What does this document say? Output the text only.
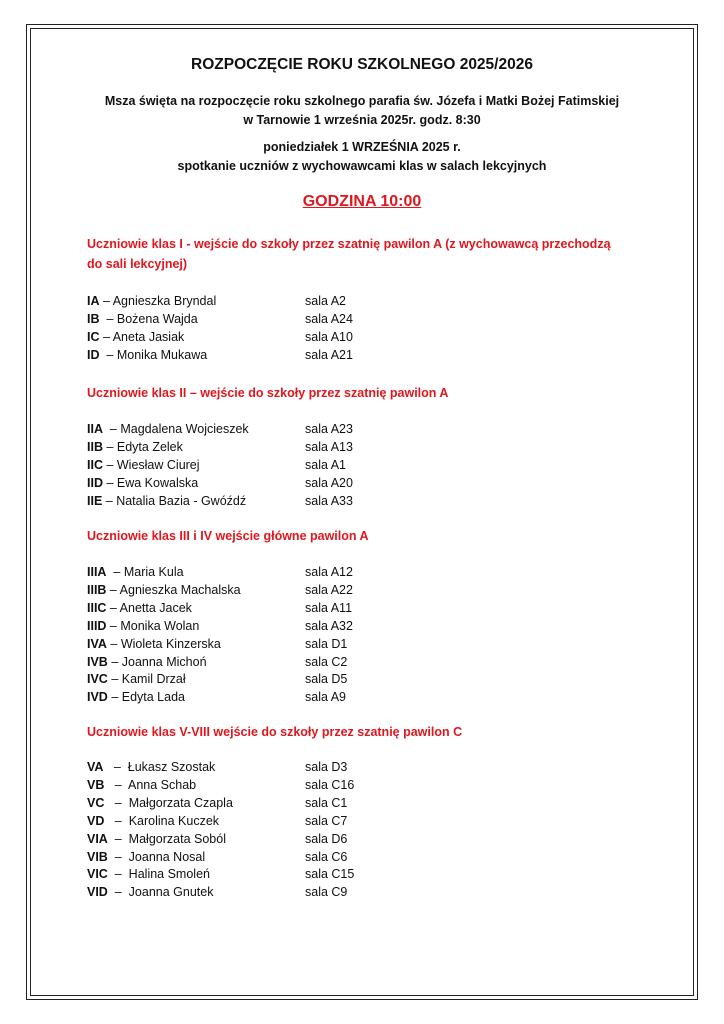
ROZPOCZĘCIE ROKU SZKOLNEGO 2025/2026
Msza święta na rozpoczęcie roku szkolnego parafia św. Józefa i Matki Bożej Fatimskiej
w Tarnowie 1 września 2025r. godz. 8:30
poniedziałek 1 WRZEŚNIA 2025 r.
spotkanie uczniów z wychowawcami klas w salach lekcyjnych
GODZINA 10:00
Uczniowie klas I - wejście do szkoły przez szatnię pawilon A (z wychowawcą przechodzą
do sali lekcyjnej)
IA – Agnieszka Bryndal	sala A2
IB  – Bożena Wajda	sala A24
IC – Aneta Jasiak	sala A10
ID  – Monika Mukawa	sala A21
Uczniowie klas II – wejście do szkoły przez szatnię pawilon A
IIA  – Magdalena Wojcieszek	sala A23
IIB – Edyta Zelek	sala A13
IIC – Wiesław Ciurej	sala A1
IID – Ewa Kowalska	sala A20
IIE – Natalia Bazia - Gwóźdź	sala A33
Uczniowie klas III i IV wejście główne pawilon A
IIIA  – Maria Kula	sala A12
IIIB – Agnieszka Machalska	sala A22
IIIC – Anetta Jacek	sala A11
IIID – Monika Wolan	sala A32
IVA – Wioleta Kinzerska	sala D1
IVB – Joanna Michoń	sala C2
IVC – Kamil Drzał	sala D5
IVD – Edyta Lada	sala A9
Uczniowie klas V-VIII wejście do szkoły przez szatnię pawilon C
VA   –  Łukasz Szostak	sala D3
VB   –  Anna Schab	sala C16
VC   –  Małgorzata Czapla	sala C1
VD   –  Karolina Kuczek	sala C7
VIA  –  Małgorzata Soból	sala D6
VIB  –  Joanna Nosal	sala C6
VIC  –  Halina Smoleń	sala C15
VID  –  Joanna Gnutek	sala C9
